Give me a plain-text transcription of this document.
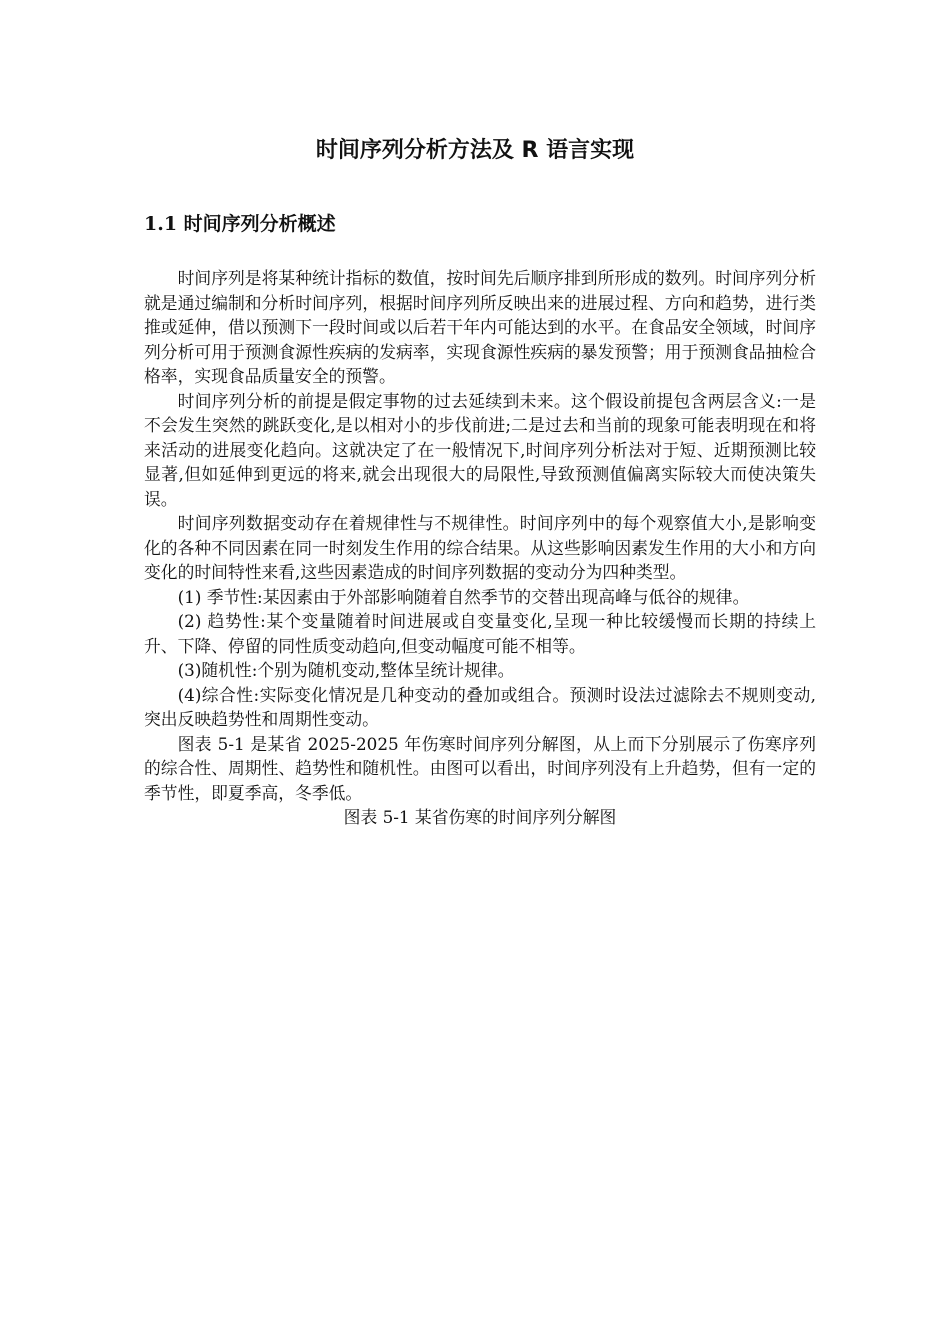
时间序列分析方法及 R 语言实现
1.1 时间序列分析概述

时间序列是将某种统计指标的数值，按时间先后顺序排到所形成的数列。时间序列分析就是通过编制和分析时间序列，根据时间序列所反映出来的进展过程、方向和趋势，进行类推或延伸，借以预测下一段时间或以后若干年内可能达到的水平。在食品安全领域，时间序列分析可用于预测食源性疾病的发病率，实现食源性疾病的暴发预警；用于预测食品抽检合格率，实现食品质量安全的预警。

时间序列分析的前提是假定事物的过去延续到未来。这个假设前提包含两层含义:一是不会发生突然的跳跃变化,是以相对小的步伐前进;二是过去和当前的现象可能表明现在和将来活动的进展变化趋向。这就决定了在一般情况下,时间序列分析法对于短、近期预测比较显著,但如延伸到更远的将来,就会出现很大的局限性,导致预测值偏离实际较大而使决策失误。

时间序列数据变动存在着规律性与不规律性。时间序列中的每个观察值大小,是影响变化的各种不同因素在同一时刻发生作用的综合结果。从这些影响因素发生作用的大小和方向变化的时间特性来看,这些因素造成的时间序列数据的变动分为四种类型。

(1) 季节性:某因素由于外部影响随着自然季节的交替出现高峰与低谷的规律。

(2) 趋势性:某个变量随着时间进展或自变量变化,呈现一种比较缓慢而长期的持续上升、下降、停留的同性质变动趋向,但变动幅度可能不相等。

(3)随机性:个别为随机变动,整体呈统计规律。

(4)综合性:实际变化情况是几种变动的叠加或组合。预测时设法过滤除去不规则变动,突出反映趋势性和周期性变动。

图表 5-1 是某省 2025-2025 年伤寒时间序列分解图，从上而下分别展示了伤寒序列的综合性、周期性、趋势性和随机性。由图可以看出，时间序列没有上升趋势，但有一定的季节性，即夏季高，冬季低。

图表 5-1 某省伤寒的时间序列分解图
